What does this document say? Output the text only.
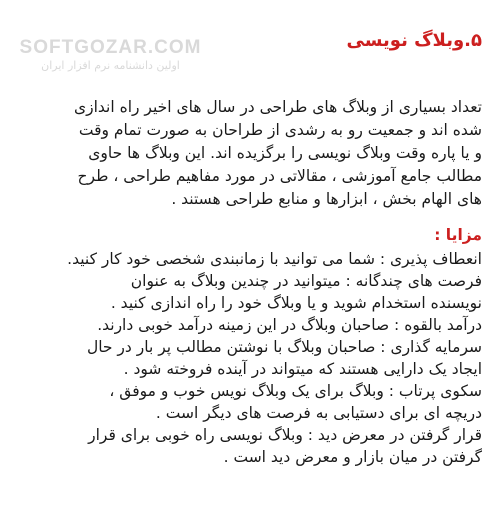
SOFTGOZAR.COM
اولین دانشنامه نرم افزار ایران
۵.وبلاگ نویسی

تعداد بسیاری از وبلاگ های طراحی در سال های اخیر راه اندازی
شده اند و جمعیت رو به رشدی از طراحان به صورت تمام وقت
و یا پاره وقت وبلاگ نویسی را برگزیده اند. این وبلاگ ها حاوی
مطالب جامع آموزشی ، مقالاتی در مورد مفاهیم طراحی ، طرح
های الهام بخش ، ابزارها و منابع طراحی هستند .

مزایا :
انعطاف پذیری : شما می توانید با زمانبندی شخصی خود کار کنید.
فرصت های چندگانه : میتوانید در چندین وبلاگ به عنوان
نویسنده استخدام شوید و یا وبلاگ خود را راه اندازی کنید .
درآمد بالقوه : صاحبان وبلاگ در این زمینه درآمد خوبی دارند.
سرمایه گذاری : صاحبان وبلاگ با نوشتن مطالب پر بار در حال
ایجاد یک دارایی هستند که میتواند در آینده فروخته شود .
سکوی پرتاب : وبلاگ برای یک وبلاگ نویس خوب و موفق ،
دریچه ای برای دستیابی به فرصت های دیگر است .
قرار گرفتن در معرض دید : وبلاگ نویسی راه خوبی برای قرار
گرفتن در میان بازار و معرض دید است .
